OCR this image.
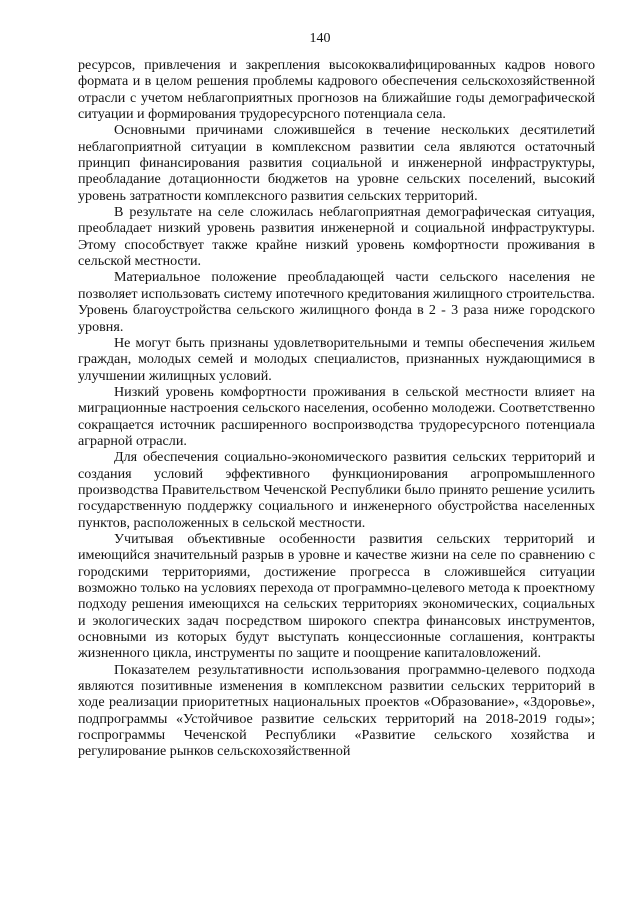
140

ресурсов, привлечения и закрепления высококвалифицированных кадров нового формата и в целом решения проблемы кадрового обеспечения сельскохозяйственной отрасли с учетом неблагоприятных прогнозов на ближайшие годы демографической ситуации и формирования трудоресурсного потенциала села.

Основными причинами сложившейся в течение нескольких десятилетий неблагоприятной ситуации в комплексном развитии села являются остаточный принцип финансирования развития социальной и инженерной инфраструктуры, преобладание дотационности бюджетов на уровне сельских поселений, высокий уровень затратности комплексного развития сельских территорий.

В результате на селе сложилась неблагоприятная демографическая ситуация, преобладает низкий уровень развития инженерной и социальной инфраструктуры. Этому способствует также крайне низкий уровень комфортности проживания в сельской местности.

Материальное положение преобладающей части сельского населения не позволяет использовать систему ипотечного кредитования жилищного строительства. Уровень благоустройства сельского жилищного фонда в 2 - 3 раза ниже городского уровня.

Не могут быть признаны удовлетворительными и темпы обеспечения жильем граждан, молодых семей и молодых специалистов, признанных нуждающимися в улучшении жилищных условий.

Низкий уровень комфортности проживания в сельской местности влияет на миграционные настроения сельского населения, особенно молодежи. Соответственно сокращается источник расширенного воспроизводства трудоресурсного потенциала аграрной отрасли.

Для обеспечения социально-экономического развития сельских территорий и создания условий эффективного функционирования агропромышленного производства Правительством Чеченской Республики было принято решение усилить государственную поддержку социального и инженерного обустройства населенных пунктов, расположенных в сельской местности.

Учитывая объективные особенности развития сельских территорий и имеющийся значительный разрыв в уровне и качестве жизни на селе по сравнению с городскими территориями, достижение прогресса в сложившейся ситуации возможно только на условиях перехода от программно-целевого метода к проектному подходу решения имеющихся на сельских территориях экономических, социальных и экологических задач посредством широкого спектра финансовых инструментов, основными из которых будут выступать концессионные соглашения, контракты жизненного цикла, инструменты по защите и поощрение капиталовложений.

Показателем результативности использования программно-целевого подхода являются позитивные изменения в комплексном развитии сельских территорий в ходе реализации приоритетных национальных проектов «Образование», «Здоровье», подпрограммы «Устойчивое развитие сельских территорий на 2018-2019 годы»; госпрограммы Чеченской Республики «Развитие сельского хозяйства и регулирование рынков сельскохозяйственной
